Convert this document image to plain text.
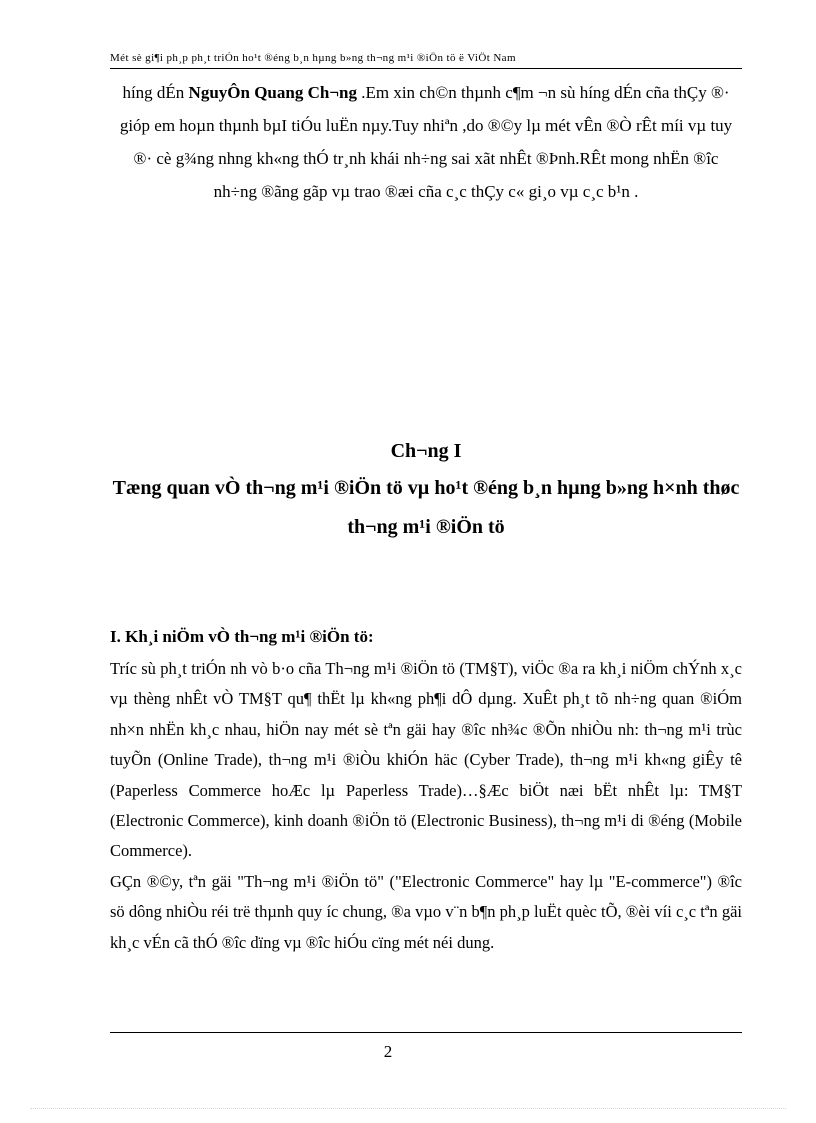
Mét sè gi¶i ph¸p ph¸t triÓn ho¹t ®éng b¸n hµng b»ng th¬ng m¹i ®iÖn tö ë ViÖt Nam

híng dÉn NguyÔn Quang Ch¬ng .Em xin ch©n thµnh c¶m ¬n sù híng dÉn cña thÇy ®· gióp em hoµn thµnh bµI tiÓu luËn nµy.Tuy nhiªn ,do ®©y lµ mét vÊn ®Ò rÊt míi vµ tuy ®· cè g¾ng nhng kh«ng thÓ tr¸nh khái nh÷ng sai xãt nhÊt ®Þnh.RÊt mong nhËn ®îc nh÷ng ®ãng gãp vµ trao ®æi cña c¸c thÇy c« gi¸o vµ c¸c b¹n .

Ch¬ng I

Tæng quan vÒ th¬ng m¹i ®iÖn tö vµ ho¹t ®éng b¸n hµng b»ng h×nh thøc th¬ng m¹i ®iÖn tö

I. Kh¸i niÖm vÒ th¬ng m¹i ®iÖn tö:

Tríc sù ph¸t triÓn nh vò b·o cña Th¬ng m¹i ®iÖn tö (TM§T), viÖc ®a ra kh¸i niÖm chÝnh x¸c vµ thèng nhÊt vÒ TM§T qu¶ thËt lµ kh«ng ph¶i dÔ dµng. XuÊt ph¸t tõ nh÷ng quan ®iÓm nh×n nhËn kh¸c nhau, hiÖn nay mét sè tªn gäi hay ®îc nh¾c ®Õn nhiÒu nh: th¬ng m¹i trùc tuyÕn (Online Trade), th¬ng m¹i ®iÒu khiÓn häc (Cyber Trade), th¬ng m¹i kh«ng giÊy tê (Paperless Commerce hoÆc lµ Paperless Trade)…§Æc biÖt næi bËt nhÊt lµ: TM§T (Electronic Commerce), kinh doanh ®iÖn tö (Electronic Business), th¬ng m¹i di ®éng (Mobile Commerce).
GÇn ®©y, tªn gäi "Th¬ng m¹i ®iÖn tö" ("Electronic Commerce" hay lµ "E-commerce") ®îc sö dông nhiÒu réi trë thµnh quy íc chung, ®a vµo v¨n b¶n ph¸p luËt quèc tÕ, ®èi víi c¸c tªn gäi kh¸c vÉn cã thÓ ®îc dïng vµ ®îc hiÓu cïng mét néi dung.
2
